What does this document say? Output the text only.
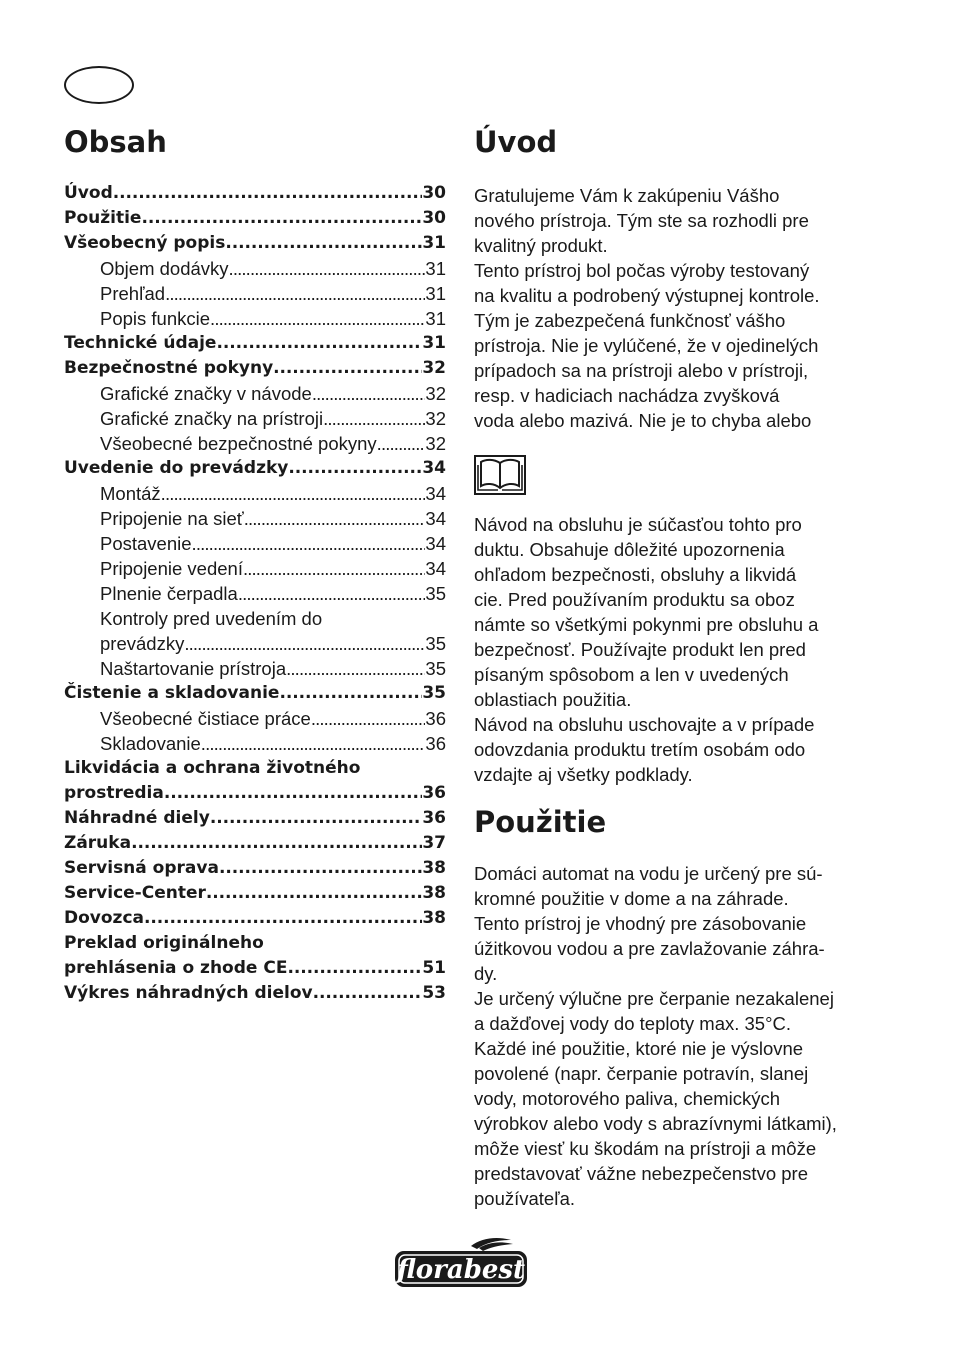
Obsah
Úvod . . .	30
Použitie . . .	30
Všeobecný popis . . .	31
Objem dodávky . . .	31
Prehľad . . .	31
Popis funkcie . . .	31
Technické údaje . . .	31
Bezpečnostné pokyny . . .	32
Grafické značky v návode . . .	32
Grafické značky na prístroji . . .	32
Všeobecné bezpečnostné pokyny . . .	32
Uvedenie do prevádzky . . .	34
Montáž . . .	34
Pripojenie na sieť . . .	34
Postavenie . . .	34
Pripojenie vedení . . .	34
Plnenie čerpadla . . .	35
Kontroly pred uvedením do
prevádzky . . .	35
Naštartovanie prístroja . . .	35
Čistenie a skladovanie . . .	35
Všeobecné čistiace práce . . .	36
Skladovanie . . .	36
Likvidácia a ochrana životného
prostredia . . .	36
Náhradné diely . . .	36
Záruka . . .	37
Servisná oprava . . .	38
Service-Center . . .	38
Dovozca . . .	38
Preklad originálneho
prehlásenia o zhode CE . . .	51
Výkres náhradných dielov . . .	53
Úvod
Gratulujeme Vám k zakúpeniu Vášho
nového prístroja. Tým ste sa rozhodli pre
kvalitný produkt.
Tento prístroj bol počas výroby testovaný
na kvalitu a podrobený výstupnej kontrole.
Tým je zabezpečená funkčnosť vášho
prístroja. Nie je vylúčené, že v ojedinelých
prípadoch sa na prístroji alebo v prístroji,
resp. v hadiciach nachádza zvyšková
voda alebo mazivá. Nie je to chyba alebo
Návod na obsluhu je súčasťou tohto pro
duktu. Obsahuje dôležité upozornenia
ohľadom bezpečnosti, obsluhy a likvidá
cie. Pred používaním produktu sa oboz
námte so všetkými pokynmi pre obsluhu a
bezpečnosť. Používajte produkt len pred
písaným spôsobom a len v uvedených
oblastiach použitia.
Návod na obsluhu uschovajte a v prípade
odovzdania produktu tretím osobám odo
vzdajte aj všetky podklady.
Použitie
Domáci automat na vodu je určený pre sú-
kromné použitie v dome a na záhrade.
Tento prístroj je vhodný pre zásobovanie
úžitkovou vodou a pre zavlažovanie záhra-
dy.
Je určený výlučne pre čerpanie nezakalenej
a dažďovej vody do teploty max. 35°C.
Každé iné použitie, ktoré nie je výslovne
povolené (napr. čerpanie potravín, slanej
vody, motorového paliva, chemických
výrobkov alebo vody s abrazívnymi látkami),
môže viesť ku škodám na prístroji a môže
predstavovať vážne nebezpečenstvo pre
používateľa.
florabest
